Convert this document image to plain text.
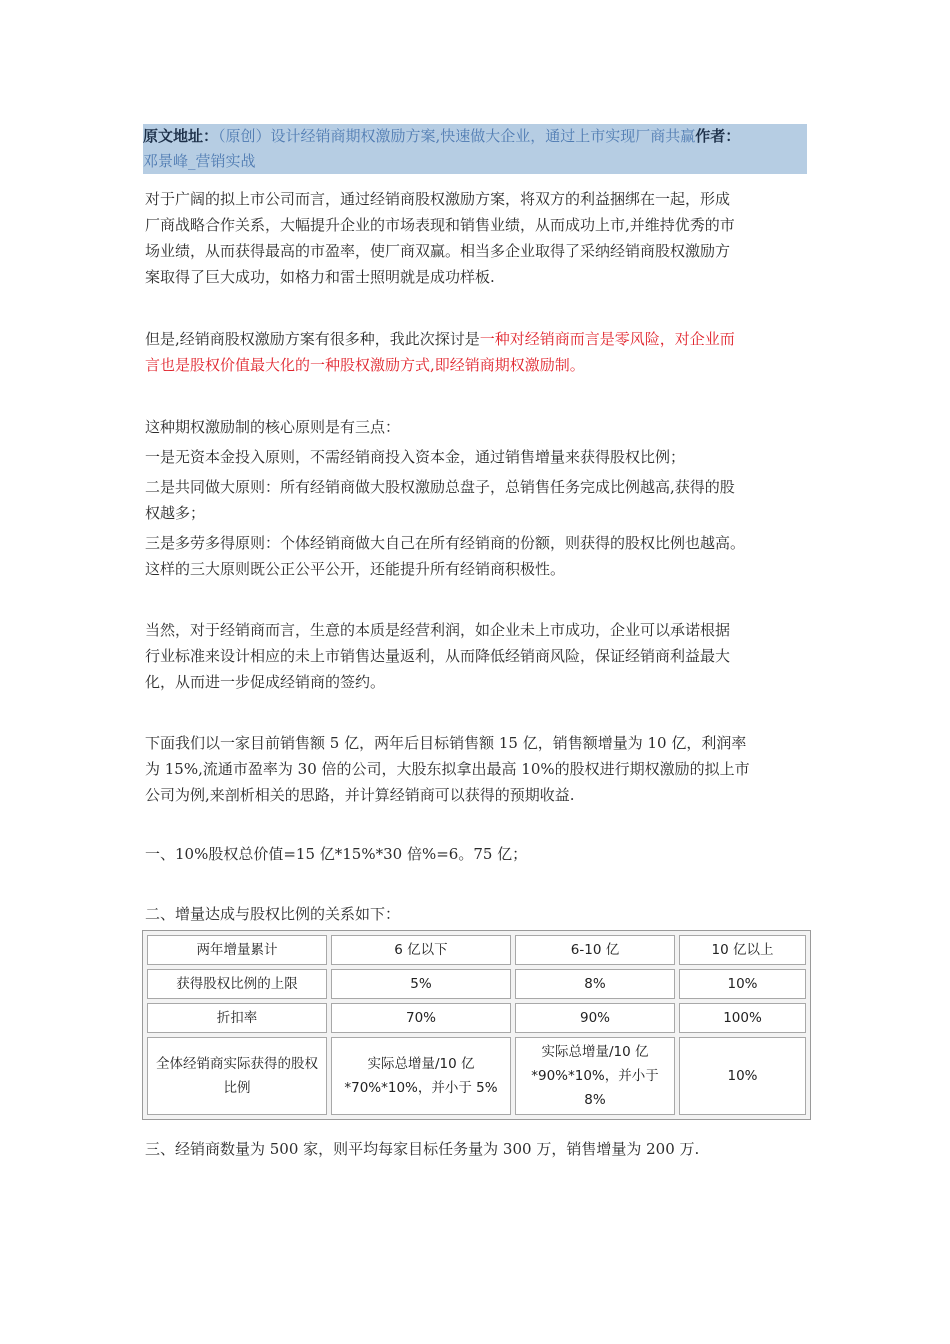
原文地址：（原创）设计经销商期权激励方案,快速做大企业，通过上市实现厂商共赢作者：
邓景峰_营销实战

对于广阔的拟上市公司而言，通过经销商股权激励方案，将双方的利益捆绑在一起，形成

厂商战略合作关系，大幅提升企业的市场表现和销售业绩，从而成功上市,并维持优秀的市

场业绩，从而获得最高的市盈率，使厂商双赢。相当多企业取得了采纳经销商股权激励方

案取得了巨大成功，如格力和雷士照明就是成功样板.

但是,经销商股权激励方案有很多种，我此次探讨是一种对经销商而言是零风险，对企业而

言也是股权价值最大化的一种股权激励方式,即经销商期权激励制。

这种期权激励制的核心原则是有三点：

一是无资本金投入原则，不需经销商投入资本金，通过销售增量来获得股权比例；

二是共同做大原则：所有经销商做大股权激励总盘子，总销售任务完成比例越高,获得的股

权越多；

三是多劳多得原则：个体经销商做大自己在所有经销商的份额，则获得的股权比例也越高。

这样的三大原则既公正公平公开，还能提升所有经销商积极性。

当然，对于经销商而言，生意的本质是经营利润，如企业未上市成功，企业可以承诺根据

行业标准来设计相应的未上市销售达量返利，从而降低经销商风险，保证经销商利益最大

化，从而进一步促成经销商的签约。

下面我们以一家目前销售额 5 亿，两年后目标销售额 15 亿，销售额增量为 10 亿，利润率

为 15%,流通市盈率为 30 倍的公司，大股东拟拿出最高 10%的股权进行期权激励的拟上市

公司为例,来剖析相关的思路，并计算经销商可以获得的预期收益.

一、10%股权总价值=15 亿*15%*30 倍%=6。75 亿；

二、增量达成与股权比例的关系如下：

两年增量累计	6 亿以下	6-10 亿	10 亿以上
获得股权比例的上限	5%	8%	10%
折扣率	70%	90%	100%
全体经销商实际获得的股权比例	实际总增量/10 亿*70%*10%，并小于 5%	实际总增量/10 亿*90%*10%，并小于 8%	10%

三、经销商数量为 500 家，则平均每家目标任务量为 300 万，销售增量为 200 万.
